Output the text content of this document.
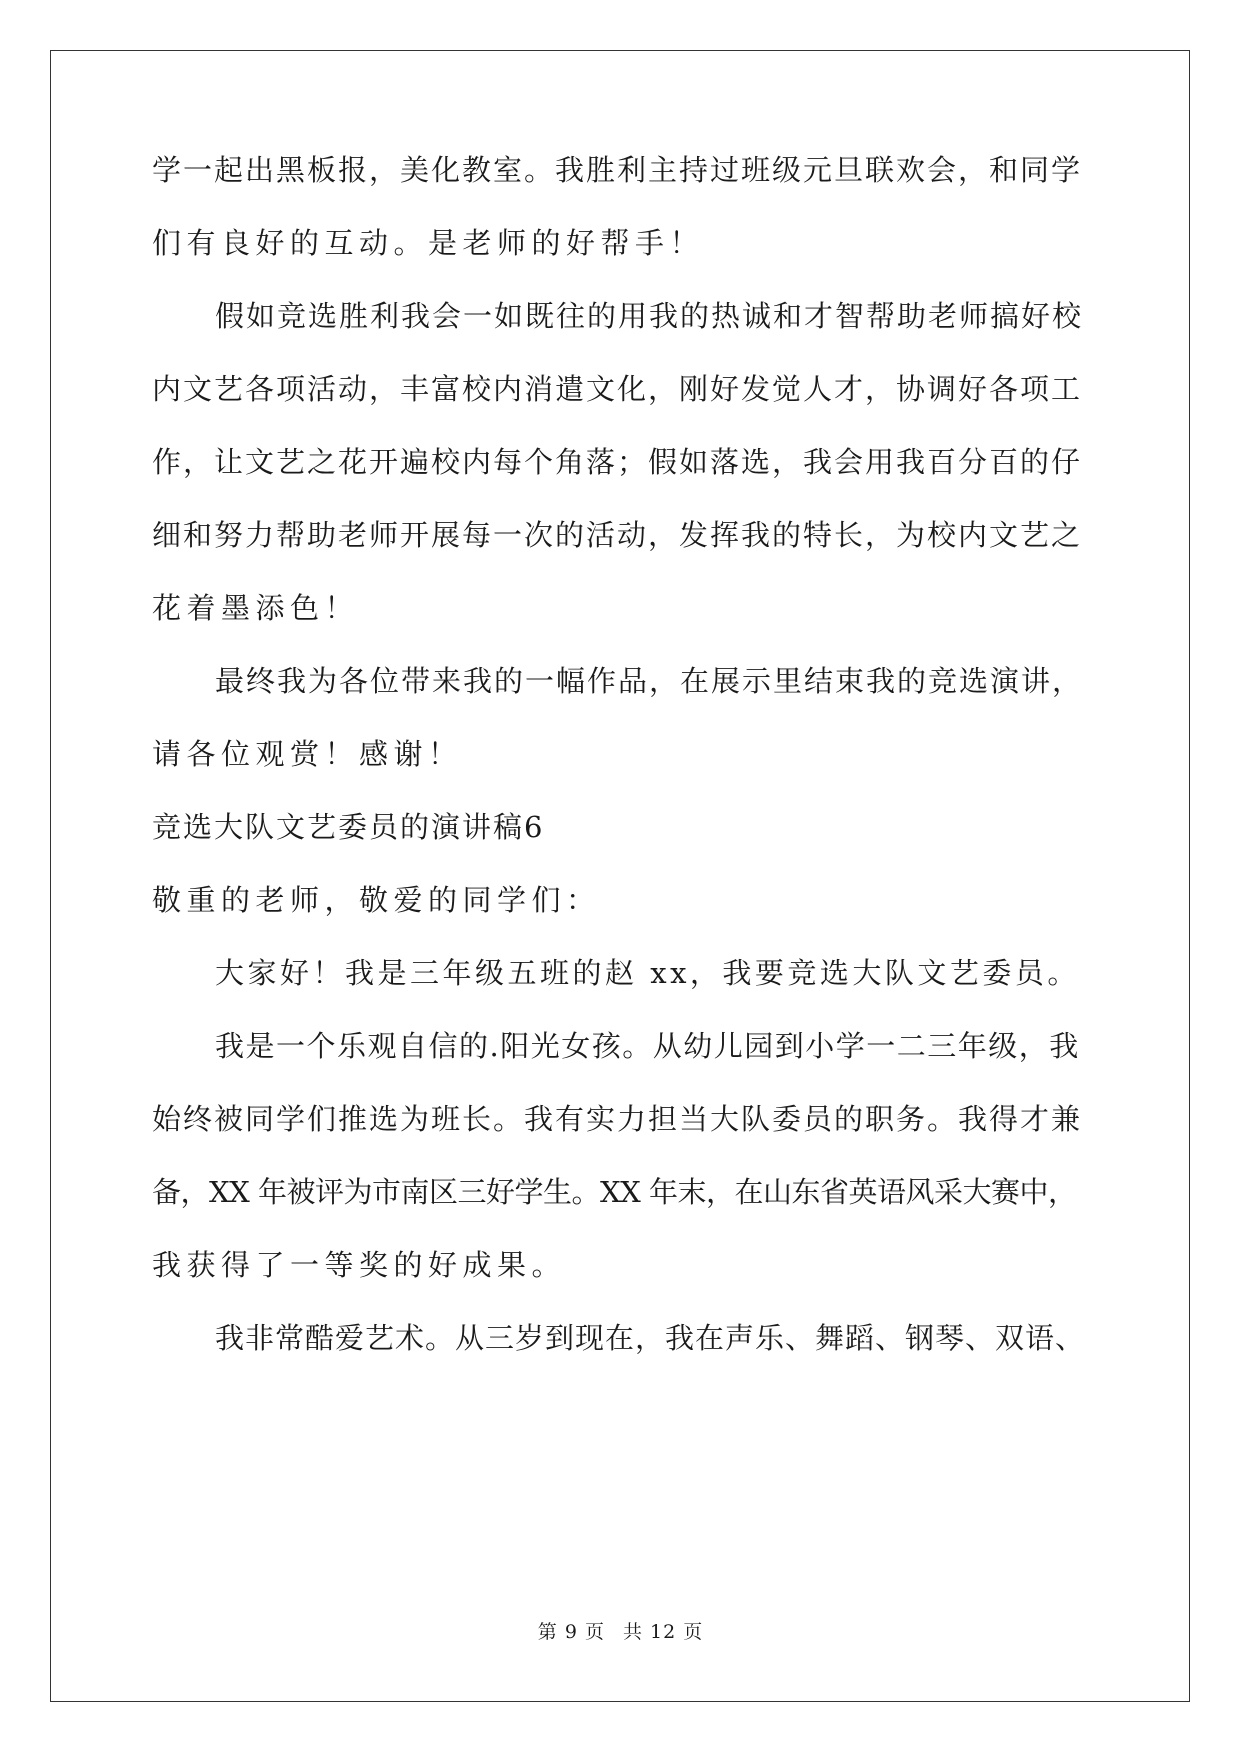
学一起出黑板报，美化教室。我胜利主持过班级元旦联欢会，和同学
们有良好的互动。是老师的好帮手！
假如竞选胜利我会一如既往的用我的热诚和才智帮助老师搞好校
内文艺各项活动，丰富校内消遣文化，刚好发觉人才，协调好各项工
作，让文艺之花开遍校内每个角落；假如落选，我会用我百分百的仔
细和努力帮助老师开展每一次的活动，发挥我的特长，为校内文艺之
花着墨添色！
最终我为各位带来我的一幅作品，在展示里结束我的竞选演讲，
请各位观赏！感谢！
竞选大队文艺委员的演讲稿6
敬重的老师，敬爱的同学们：
大家好！我是三年级五班的赵 xx，我要竞选大队文艺委员。
我是一个乐观自信的.阳光女孩。从幼儿园到小学一二三年级，我
始终被同学们推选为班长。我有实力担当大队委员的职务。我得才兼
备，XX 年被评为市南区三好学生。XX 年末，在山东省英语风采大赛中，
我获得了一等奖的好成果。
我非常酷爱艺术。从三岁到现在，我在声乐、舞蹈、钢琴、双语、
第 9 页 共 12 页
